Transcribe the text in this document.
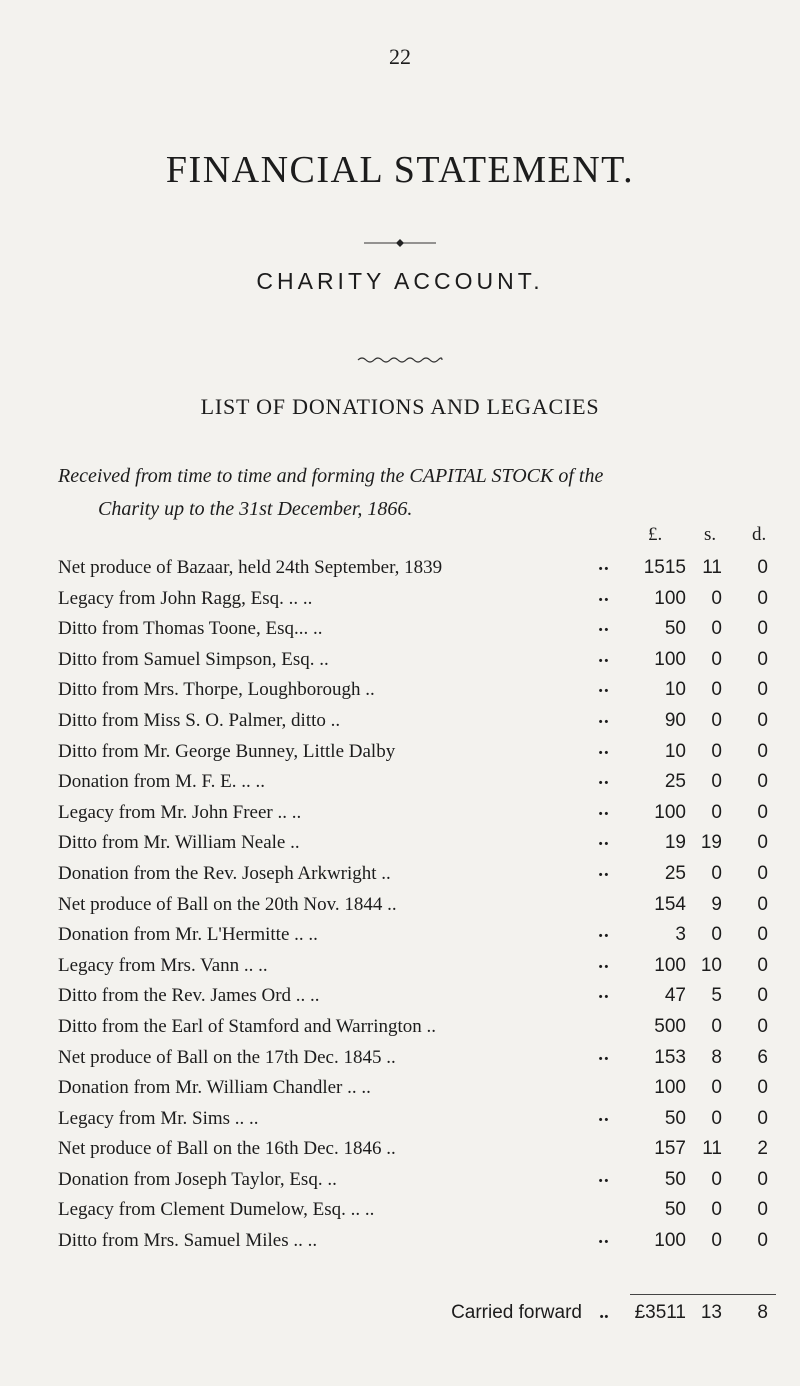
22
FINANCIAL STATEMENT.
CHARITY ACCOUNT.
LIST OF DONATIONS AND LEGACIES
Received from time to time and forming the CAPITAL STOCK of the
Charity up to the 31st December, 1866.
£. s. d.
Net produce of Bazaar, held 24th September, 1839	..	1515 11 0
Legacy from John Ragg, Esq. .. ..	..	100	0 0
Ditto from Thomas Toone, Esq... ..	..	50	0 0
Ditto from Samuel Simpson, Esq. ..	..	100	0 0
Ditto from Mrs. Thorpe, Loughborough ..	..	10	0 0
Ditto from Miss S. O. Palmer, ditto ..	..	90	0 0
Ditto from Mr. George Bunney, Little Dalby	..	10	0 0
Donation from M. F. E. .. ..	..	25	0 0
Legacy from Mr. John Freer .. ..	..	100	0 0
Ditto from Mr. William Neale ..	..	19 19 0
Donation from the Rev. Joseph Arkwright ..	..	25	0 0
Net produce of Ball on the 20th Nov. 1844 ..	154	9 0
Donation from Mr. L'Hermitte .. ..	..	3	0 0
Legacy from Mrs. Vann .. ..	..	100 10 0
Ditto from the Rev. James Ord .. ..	..	47	5 0
Ditto from the Earl of Stamford and Warrington ..	500	0 0
Net produce of Ball on the 17th Dec. 1845 ..	..	153	8 6
Donation from Mr. William Chandler .. ..	100	0 0
Legacy from Mr. Sims .. ..	..	50	0 0
Net produce of Ball on the 16th Dec. 1846 ..	157 11 2
Donation from Joseph Taylor, Esq. ..	..	50	0 0
Legacy from Clement Dumelow, Esq. .. ..	50	0 0
Ditto from Mrs. Samuel Miles .. ..	..	100	0 0
Carried forward ..	£3511 13 8
